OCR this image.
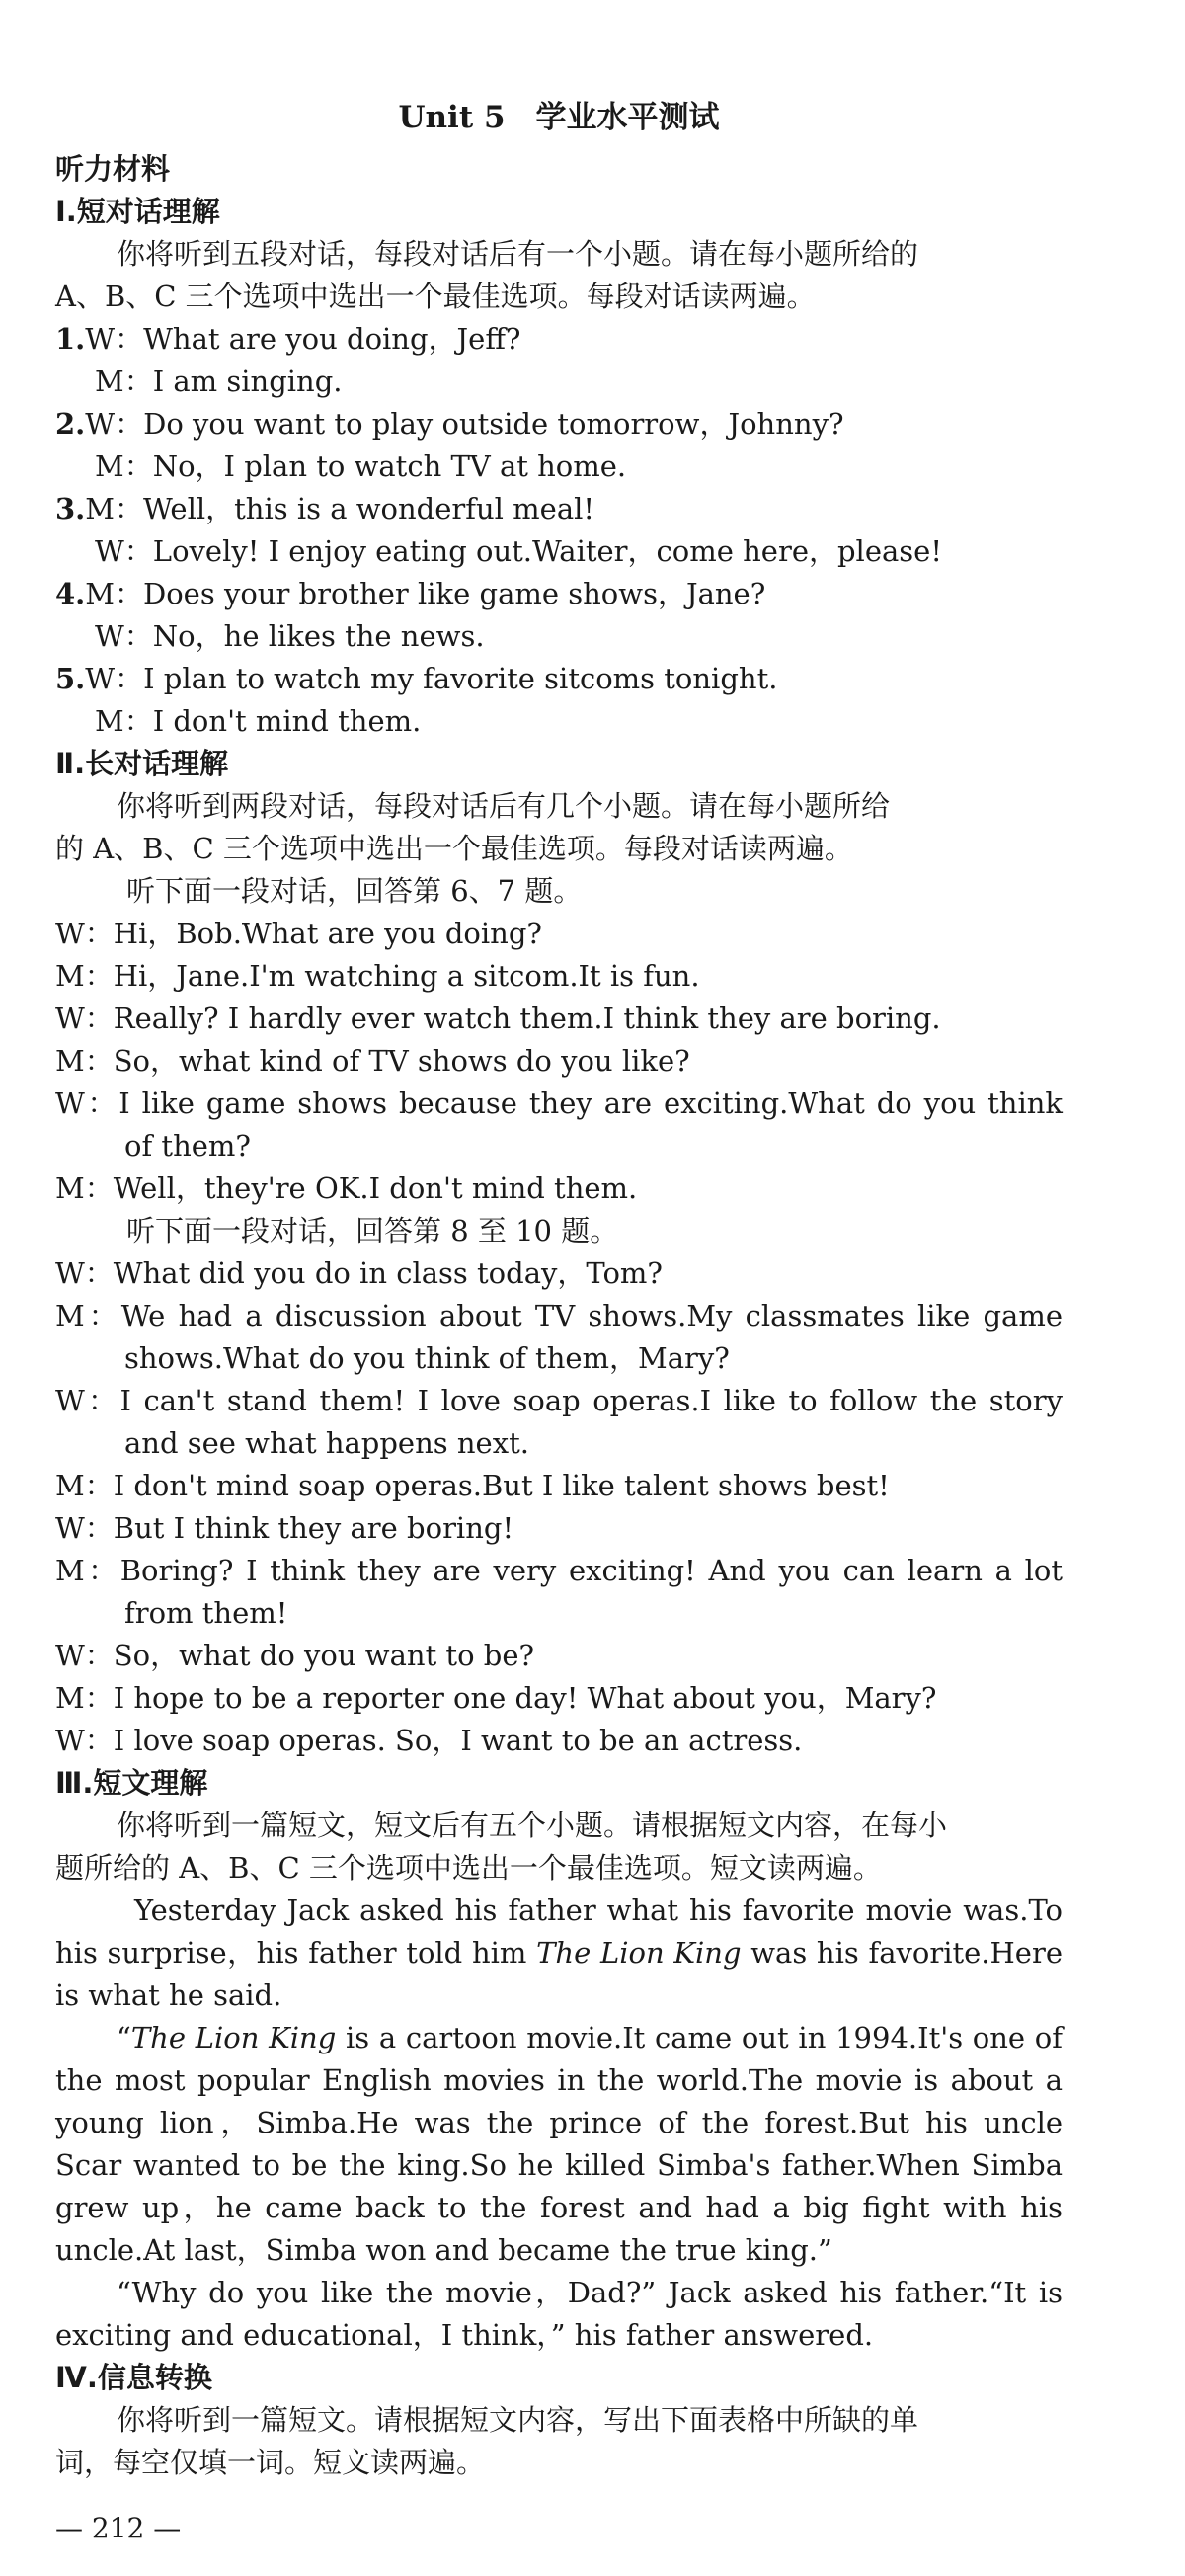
Unit 5　学业水平测试
听力材料
Ⅰ.短对话理解
你将听到五段对话，每段对话后有一个小题。请在每小题所给的
A、B、C 三个选项中选出一个最佳选项。每段对话读两遍。
1.W：What are you doing，Jeff?
M：I am singing.
2.W：Do you want to play outside tomorrow，Johnny?
M：No，I plan to watch TV at home.
3.M：Well，this is a wonderful meal!
W：Lovely! I enjoy eating out.Waiter，come here，please!
4.M：Does your brother like game shows，Jane?
W：No，he likes the news.
5.W：I plan to watch my favorite sitcoms tonight.
M：I don't mind them.
Ⅱ.长对话理解
你将听到两段对话，每段对话后有几个小题。请在每小题所给
的 A、B、C 三个选项中选出一个最佳选项。每段对话读两遍。
听下面一段对话，回答第 6、7 题。
W：Hi，Bob.What are you doing?
M：Hi，Jane.I'm watching a sitcom.It is fun.
W：Really? I hardly ever watch them.I think they are boring.
M：So，what kind of TV shows do you like?
W：I like game shows because they are exciting.What do you think of them?
M：Well，they're OK.I don't mind them.
听下面一段对话，回答第 8 至 10 题。
W：What did you do in class today，Tom?
M：We had a discussion about TV shows.My classmates like game shows.What do you think of them，Mary?
W：I can't stand them! I love soap operas.I like to follow the story and see what happens next.
M：I don't mind soap operas.But I like talent shows best!
W：But I think they are boring!
M：Boring? I think they are very exciting! And you can learn a lot from them!
W：So，what do you want to be?
M：I hope to be a reporter one day! What about you，Mary?
W：I love soap operas. So，I want to be an actress.
Ⅲ.短文理解
你将听到一篇短文，短文后有五个小题。请根据短文内容，在每小
题所给的 A、B、C 三个选项中选出一个最佳选项。短文读两遍。
Yesterday Jack asked his father what his favorite movie was.To his surprise，his father told him The Lion King was his favorite.Here is what he said.
“The Lion King is a cartoon movie.It came out in 1994.It's one of the most popular English movies in the world.The movie is about a young lion，Simba.He was the prince of the forest.But his uncle Scar wanted to be the king.So he killed Simba's father.When Simba grew up，he came back to the forest and had a big fight with his uncle.At last，Simba won and became the true king.”
“Why do you like the movie，Dad?” Jack asked his father.“It is exciting and educational，I think，” his father answered.
Ⅳ.信息转换
你将听到一篇短文。请根据短文内容，写出下面表格中所缺的单
词，每空仅填一词。短文读两遍。
— 212 —
